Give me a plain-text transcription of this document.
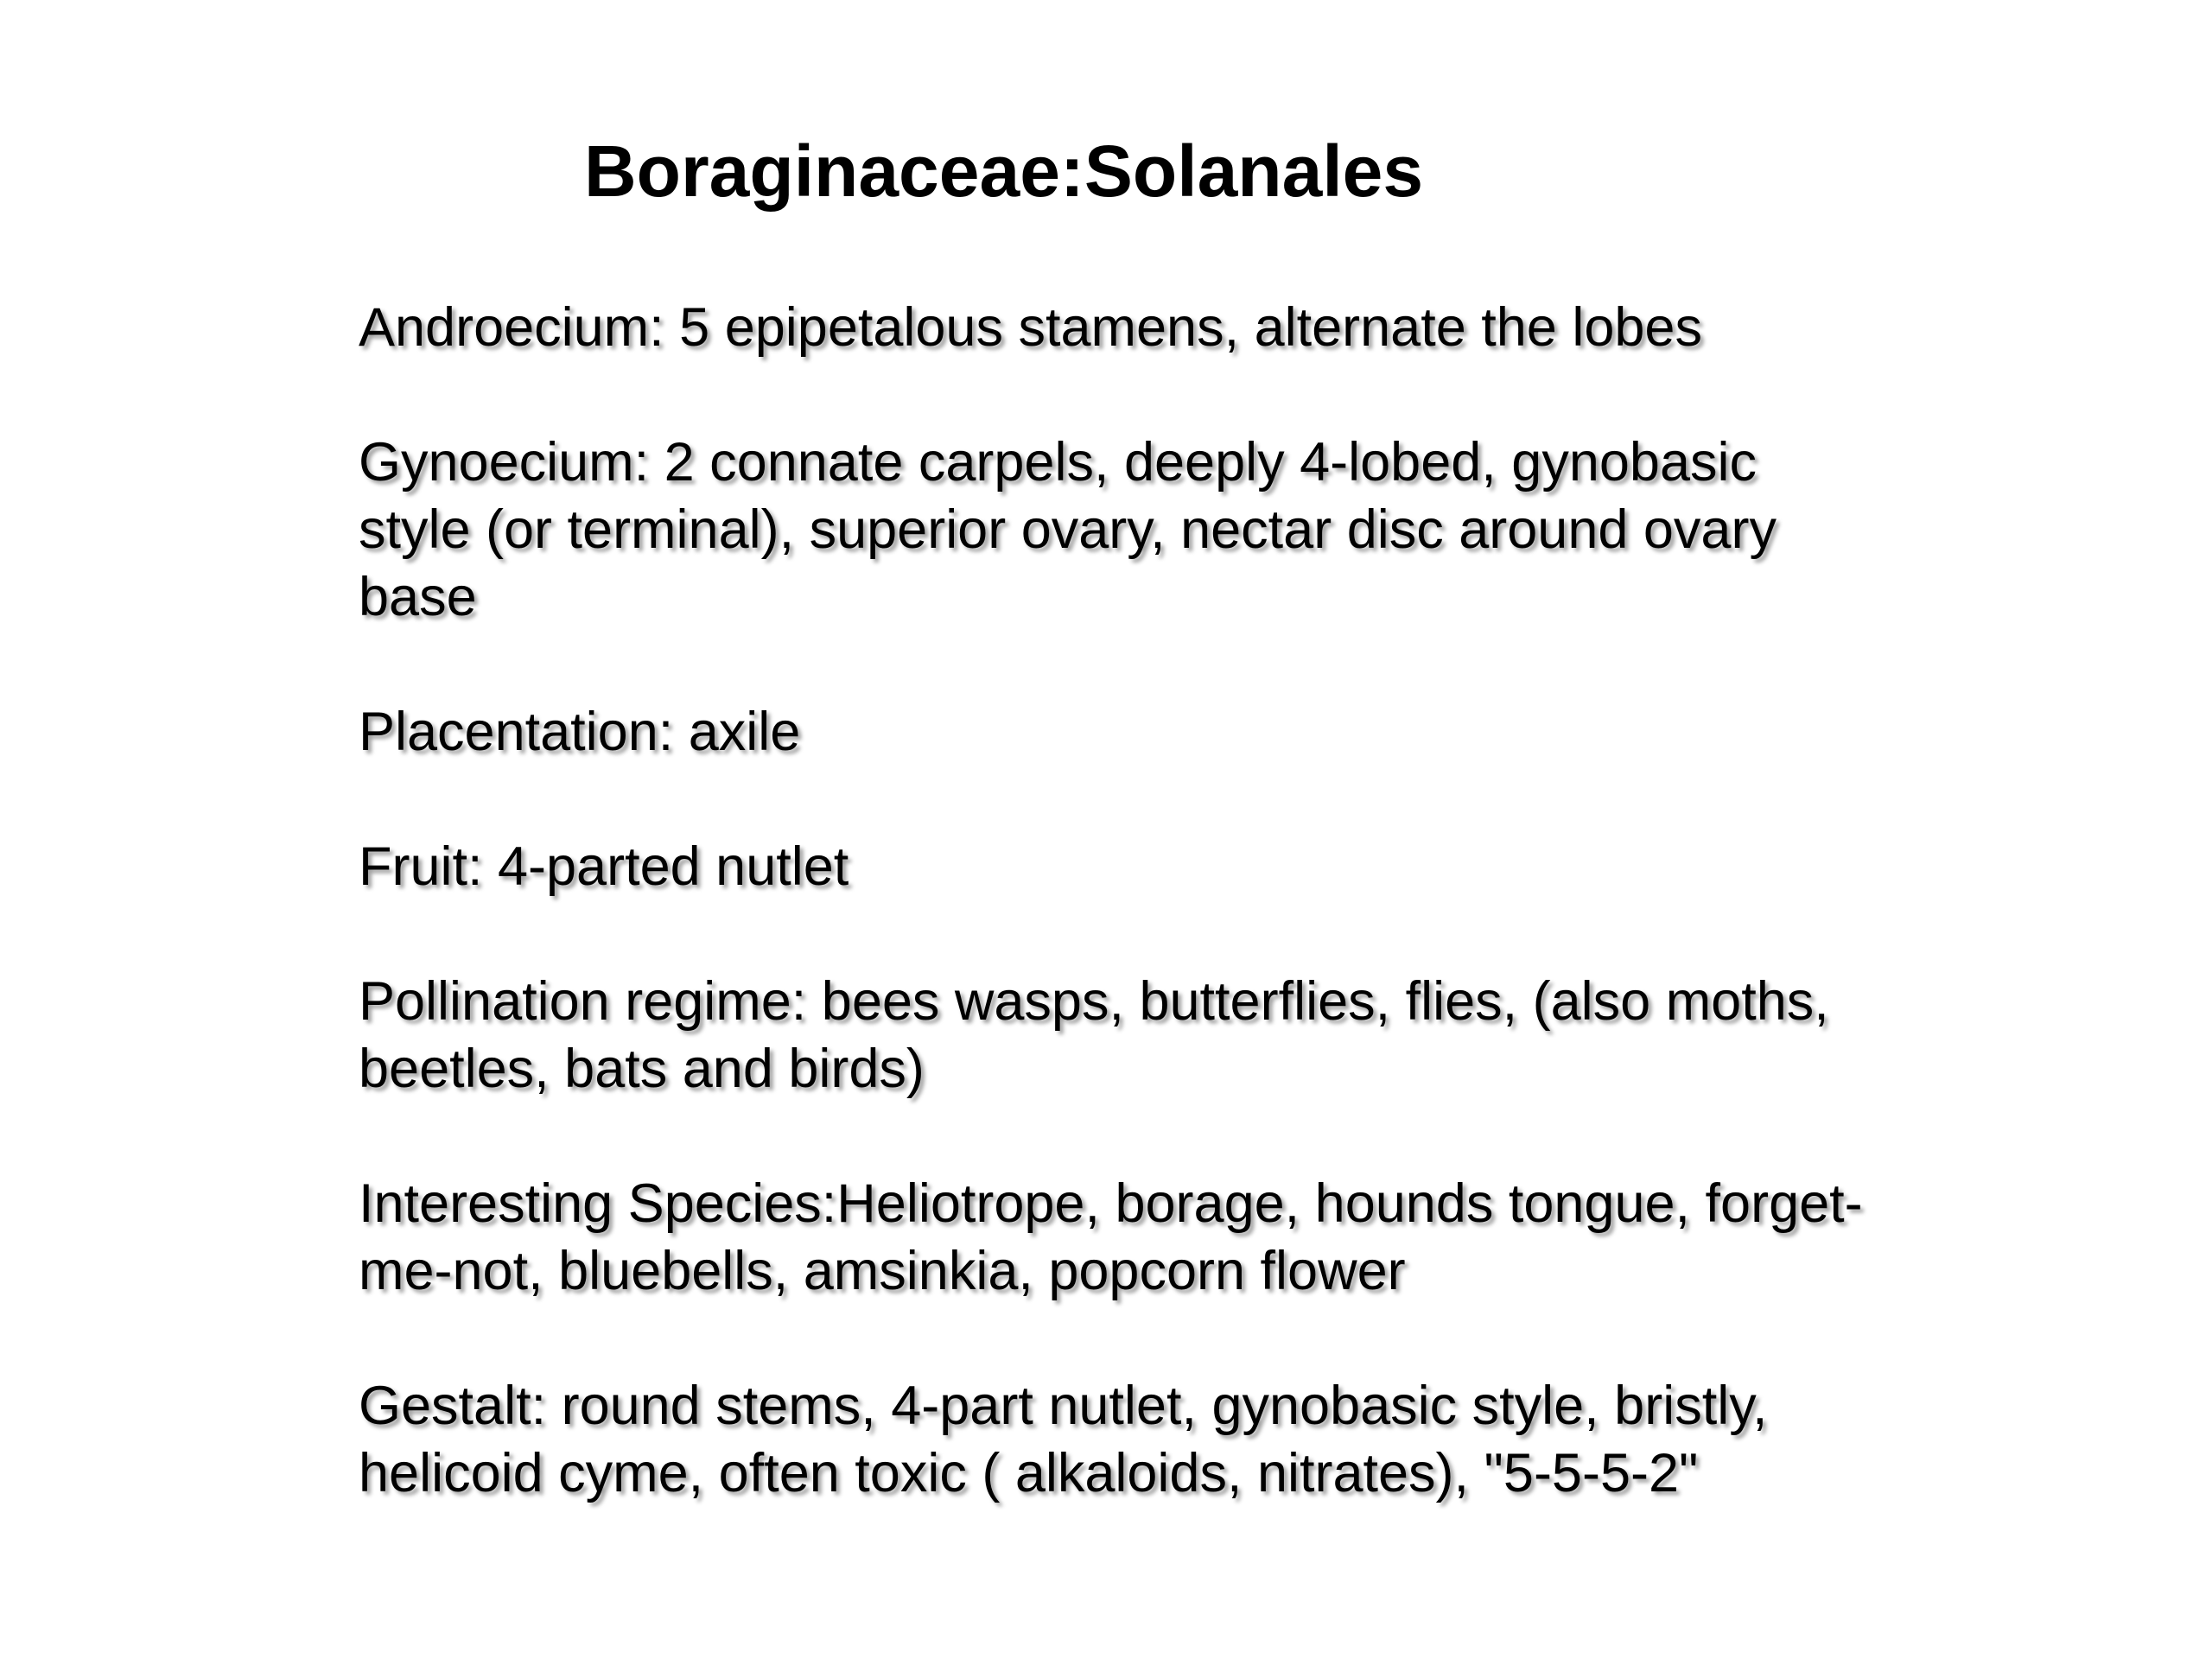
Boraginaceae:Solanales

Androecium: 5 epipetalous stamens, alternate the lobes

Gynoecium: 2 connate carpels, deeply 4-lobed, gynobasic
style (or terminal), superior ovary, nectar disc around ovary
base

Placentation: axile

Fruit: 4-parted nutlet

Pollination regime: bees wasps, butterflies, flies, (also moths,
beetles, bats and birds)

Interesting Species:Heliotrope, borage, hounds tongue, forget-
me-not, bluebells, amsinkia, popcorn flower

Gestalt: round stems, 4-part nutlet, gynobasic style, bristly,
helicoid cyme, often toxic ( alkaloids, nitrates), "5-5-5-2"
